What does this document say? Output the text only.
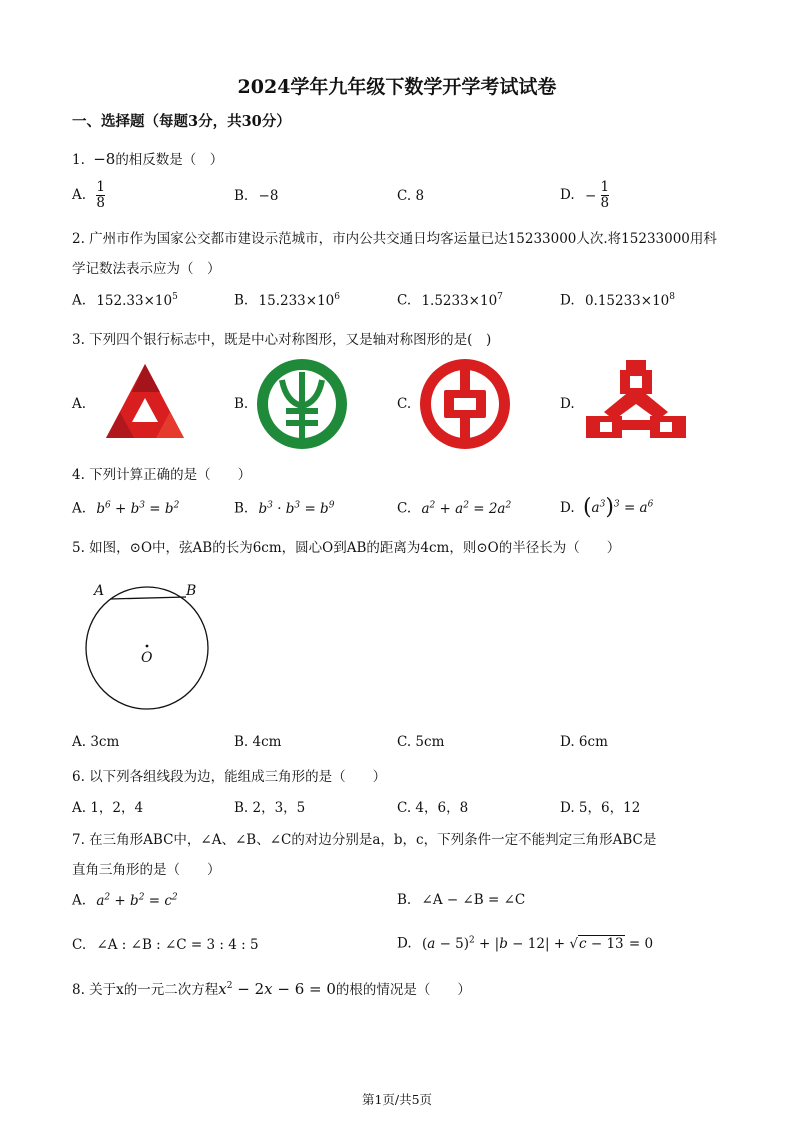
2024学年九年级下数学开学考试试卷
一、选择题（每题3分，共30分）
1. −8的相反数是（　）
A. $\frac{1}{8}$	B. −8	C. 8	D. − $\frac{1}{8}$
2. 广州市作为国家公交都市建设示范城市，市内公共交通日均客运量已达15233000人次.将15233000用科
学记数法表示应为（　）
A. $152.33\times 10^5$	B. $15.233\times 10^6$	C. $1.5233\times 10^7$	D. $0.15233\times 10^8$
3. 下列四个银行标志中，既是中心对称图形，又是轴对称图形的是(　)
A.	B.	C.	D.
4. 下列计算正确的是（　　）
A. $b^6 + b^3 = b^2$	B. $b^3 \cdot b^3 = b^9$	C. $a^2 + a^2 = 2a^2$	D. $(a^3)^3 = a^6$
5. 如图，⊙O中，弦AB的长为6cm，圆心O到AB的距离为4cm，则⊙O的半径长为（　　）
A	B
O
A. 3cm	B. 4cm	C. 5cm	D. 6cm
6. 以下列各组线段为边，能组成三角形的是（　　）
A. 1，2，4	B. 2，3，5	C. 4，6，8	D. 5，6，12
7. 在三角形ABC中，∠A、∠B、∠C的对边分别是a，b，c，下列条件一定不能判定三角形ABC是
直角三角形的是（　　）
A. $a^2 + b^2 = c^2$	B. ∠A − ∠B = ∠C
C. ∠A : ∠B : ∠C = 3 : 4 : 5	D. $(a - 5)^2 + |b - 12| + √c - 13 = 0$
8. 关于x的一元二次方程$x^2 - 2x - 6 = 0$的根的情况是（　　）
第1页/共5页
